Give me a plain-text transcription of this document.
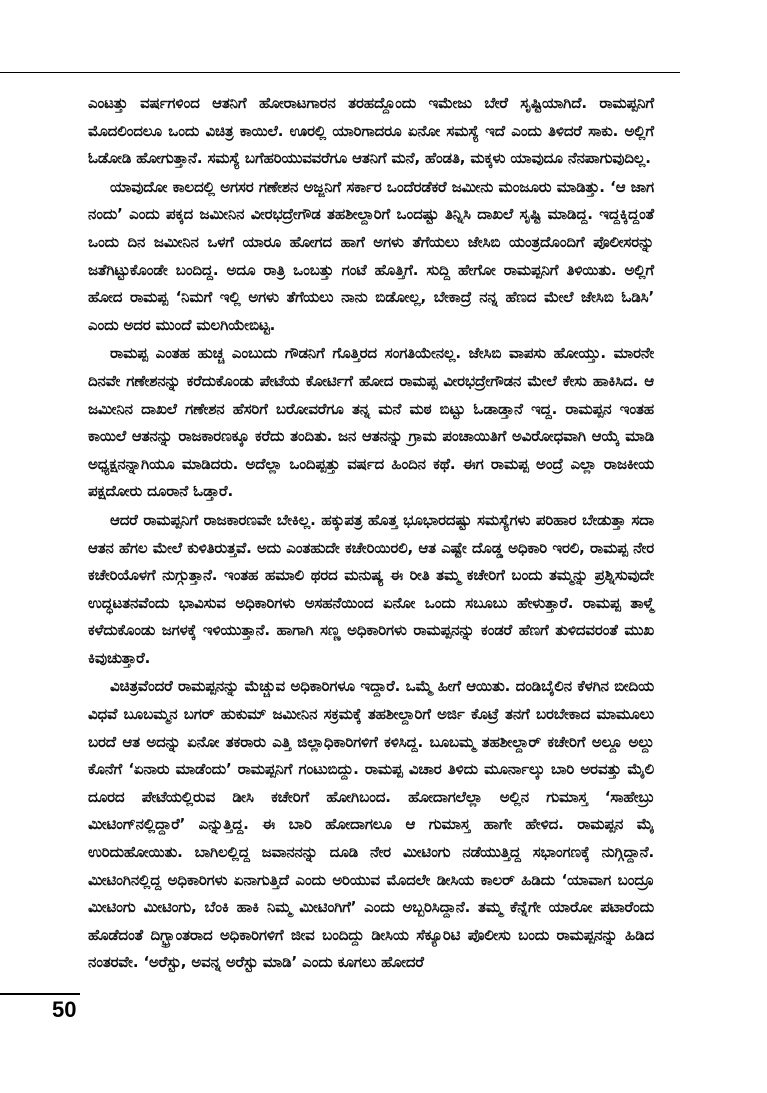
ಎಂಟತ್ತು ವರ್ಷಗಳಿಂದ ಆತನಿಗೆ ಹೋರಾಟಗಾರನ ತರಹದ್ದೊಂದು ಇಮೇಜು ಬೇರೆ ಸೃಷ್ಟಿಯಾಗಿದೆ. ರಾಮಪ್ಪನಿಗೆ ಮೊದಲಿಂದಲೂ ಒಂದು ವಿಚಿತ್ರ ಕಾಯಿಲೆ. ಊರಲ್ಲಿ ಯಾರಿಗಾದರೂ ಏನೋ ಸಮಸ್ಯೆ ಇದೆ ಎಂದು ತಿಳಿದರೆ ಸಾಕು. ಅಲ್ಲಿಗೆ ಓಡೋಡಿ ಹೋಗುತ್ತಾನೆ. ಸಮಸ್ಯೆ ಬಗೆಹರಿಯುವವರೆಗೂ ಆತನಿಗೆ ಮನೆ, ಹೆಂಡತಿ, ಮಕ್ಕಳು ಯಾವುದೂ ನೆನಪಾಗುವುದಿಲ್ಲ.

ಯಾವುದೋ ಕಾಲದಲ್ಲಿ ಅಗಸರ ಗಣೇಶನ ಅಜ್ಜನಿಗೆ ಸರ್ಕಾರ ಒಂದೆರಡೆಕರೆ ಜಮೀನು ಮಂಜೂರು ಮಾಡಿತ್ತು. ‘ಆ ಜಾಗ ನಂದು’ ಎಂದು ಪಕ್ಕದ ಜಮೀನಿನ ವೀರಭದ್ರೇಗೌಡ ತಹಶೀಲ್ದಾರಿಗೆ ಒಂದಷ್ಟು ತಿನ್ನಿಸಿ ದಾಖಲೆ ಸೃಷ್ಟಿ ಮಾಡಿದ್ದ. ಇದ್ದಕ್ಕಿದ್ದಂತೆ ಒಂದು ದಿನ ಜಮೀನಿನ ಒಳಗೆ ಯಾರೂ ಹೋಗದ ಹಾಗೆ ಅಗಳು ತೆಗೆಯಲು ಜೇಸಿಬಿ ಯಂತ್ರದೊಂದಿಗೆ ಪೊಲೀಸರನ್ನು ಜತೆಗಿಟ್ಟುಕೊಂಡೇ ಬಂದಿದ್ದ. ಅದೂ ರಾತ್ರಿ ಒಂಬತ್ತು ಗಂಟೆ ಹೊತ್ತಿಗೆ. ಸುದ್ದಿ ಹೇಗೋ ರಾಮಪ್ಪನಿಗೆ ತಿಳಿಯಿತು. ಅಲ್ಲಿಗೆ ಹೋದ ರಾಮಪ್ಪ ‘ನಿಮಗೆ ಇಲ್ಲಿ ಅಗಳು ತೆಗೆಯಲು ನಾನು ಬಿಡೋಲ್ಲ, ಬೇಕಾದ್ರೆ ನನ್ನ ಹೆಣದ ಮೇಲೆ ಜೇಸಿಬಿ ಓಡಿಸಿ’ ಎಂದು ಅದರ ಮುಂದೆ ಮಲಗಿಯೇಬಿಟ್ಟ.

ರಾಮಪ್ಪ ಎಂತಹ ಹುಚ್ಚ ಎಂಬುದು ಗೌಡನಿಗೆ ಗೊತ್ತಿರದ ಸಂಗತಿಯೇನಲ್ಲ. ಜೇಸಿಬಿ ವಾಪಸು ಹೋಯ್ತು. ಮಾರನೇ ದಿನವೇ ಗಣೇಶನನ್ನು ಕರೆದುಕೊಂಡು ಪೇಟೆಯ ಕೋರ್ಟಿಗೆ ಹೋದ ರಾಮಪ್ಪ ವೀರಭದ್ರೇಗೌಡನ ಮೇಲೆ ಕೇಸು ಹಾಕಿಸಿದ. ಆ ಜಮೀನಿನ ದಾಖಲೆ ಗಣೇಶನ ಹೆಸರಿಗೆ ಬರೋವರೆಗೂ ತನ್ನ ಮನೆ ಮಠ ಬಿಟ್ಟು ಓಡಾಡ್ತಾನೆ ಇದ್ದ. ರಾಮಪ್ಪನ ಇಂತಹ ಕಾಯಿಲೆ ಆತನನ್ನು ರಾಜಕಾರಣಕ್ಕೂ ಕರೆದು ತಂದಿತು. ಜನ ಆತನನ್ನು ಗ್ರಾಮ ಪಂಚಾಯಿತಿಗೆ ಅವಿರೋಧವಾಗಿ ಆಯ್ಕೆ ಮಾಡಿ ಅಧ್ಯಕ್ಷನನ್ನಾಗಿಯೂ ಮಾಡಿದರು. ಅದೆಲ್ಲಾ ಒಂದಿಪ್ಪತ್ತು ವರ್ಷದ ಹಿಂದಿನ ಕಥೆ. ಈಗ ರಾಮಪ್ಪ ಅಂದ್ರೆ ಎಲ್ಲಾ ರಾಜಕೀಯ ಪಕ್ಷದೋರು ದೂರಾನೆ ಓಡ್ತಾರೆ.

ಆದರೆ ರಾಮಪ್ಪನಿಗೆ ರಾಜಕಾರಣವೇ ಬೇಕಿಲ್ಲ. ಹಕ್ಕುಪತ್ರ ಹೊತ್ತ ಭೂಭಾರದಷ್ಟು ಸಮಸ್ಯೆಗಳು ಪರಿಹಾರ ಬೇಡುತ್ತಾ ಸದಾ ಆತನ ಹೆಗಲ ಮೇಲೆ ಕುಳಿತಿರುತ್ತವೆ. ಅದು ಎಂತಹುದೇ ಕಚೇರಿಯಿರಲಿ, ಆತ ಎಷ್ಟೇ ದೊಡ್ಡ ಅಧಿಕಾರಿ ಇರಲಿ, ರಾಮಪ್ಪ ನೇರ ಕಚೇರಿಯೊಳಗೆ ನುಗ್ಗುತ್ತಾನೆ. ಇಂತಹ ಹಮಾಲಿ ಥರದ ಮನುಷ್ಯ ಈ ರೀತಿ ತಮ್ಮ ಕಚೇರಿಗೆ ಬಂದು ತಮ್ಮನ್ನು ಪ್ರಶ್ನಿಸುವುದೇ ಉದ್ಧಟತನವೆಂದು ಭಾವಿಸುವ ಅಧಿಕಾರಿಗಳು ಅಸಹನೆಯಿಂದ ಏನೋ ಒಂದು ಸಬೂಬು ಹೇಳುತ್ತಾರೆ. ರಾಮಪ್ಪ ತಾಳ್ಮೆ ಕಳೆದುಕೊಂಡು ಜಗಳಕ್ಕೆ ಇಳಿಯುತ್ತಾನೆ. ಹಾಗಾಗಿ ಸಣ್ಣ ಅಧಿಕಾರಿಗಳು ರಾಮಪ್ಪನನ್ನು ಕಂಡರೆ ಹೆಣಗೆ ತುಳಿದವರಂತೆ ಮುಖ ಕಿವುಚುತ್ತಾರೆ.

ವಿಚಿತ್ರವೆಂದರೆ ರಾಮಪ್ಪನನ್ನು ಮೆಚ್ಚುವ ಅಧಿಕಾರಿಗಳೂ ಇದ್ದಾರೆ. ಒಮ್ಮೆ ಹೀಗೆ ಆಯಿತು. ದಂಡಿಬೈಲಿನ ಕೆಳಗಿನ ಬೀದಿಯ ವಿಧವೆ ಬೂಬಮ್ಮನ ಬಗರ್ ಹುಕುಮ್ ಜಮೀನಿನ ಸಕ್ರಮಕ್ಕೆ ತಹಶೀಲ್ದಾರಿಗೆ ಅರ್ಜಿ ಕೊಟ್ರೆ ತನಗೆ ಬರಬೇಕಾದ ಮಾಮೂಲು ಬರದೆ ಆತ ಅದನ್ನು ಏನೋ ತಕರಾರು ಎತ್ತಿ ಜಿಲ್ಲಾಧಿಕಾರಿಗಳಿಗೆ ಕಳಿಸಿದ್ದ. ಬೂಬಮ್ಮ ತಹಶೀಲ್ದಾರ್ ಕಚೇರಿಗೆ ಅಲ್ದೂ ಅಲ್ದು ಕೊನೆಗೆ ‘ಏನಾರು ಮಾಡೆಂದು’ ರಾಮಪ್ಪನಿಗೆ ಗಂಟುಬಿದ್ದು. ರಾಮಪ್ಪ ವಿಚಾರ ತಿಳಿದು ಮೂರ್ನಾಲ್ಕು ಬಾರಿ ಅರವತ್ತು ಮೈಲಿ ದೂರದ ಪೇಟೆಯಲ್ಲಿರುವ ಡೀಸಿ ಕಚೇರಿಗೆ ಹೋಗಿಬಂದ. ಹೋದಾಗಲೆಲ್ಲಾ ಅಲ್ಲಿನ ಗುಮಾಸ್ತ ‘ಸಾಹೇಬ್ರು ಮೀಟಿಂಗ್‌ನಲ್ಲಿದ್ದಾರೆ’ ಎನ್ನುತ್ತಿದ್ದ. ಈ ಬಾರಿ ಹೋದಾಗಲೂ ಆ ಗುಮಾಸ್ತ ಹಾಗೇ ಹೇಳಿದ. ರಾಮಪ್ಪನ ಮೈ ಉರಿದುಹೋಯಿತು. ಬಾಗಿಲಲ್ಲಿದ್ದ ಜವಾನನನ್ನು ದೂಡಿ ನೇರ ಮೀಟಿಂಗು ನಡೆಯುತ್ತಿದ್ದ ಸಭಾಂಗಣಕ್ಕೆ ನುಗ್ಗಿದ್ದಾನೆ. ಮೀಟಿಂಗಿನಲ್ಲಿದ್ದ ಅಧಿಕಾರಿಗಳು ಏನಾಗುತ್ತಿದೆ ಎಂದು ಅರಿಯುವ ಮೊದಲೇ ಡೀಸಿಯ ಕಾಲರ್ ಹಿಡಿದು ‘ಯಾವಾಗ ಬಂದ್ರೂ ಮೀಟಿಂಗು ಮೀಟಿಂಗು, ಬೆಂಕಿ ಹಾಕಿ ನಿಮ್ಮ ಮೀಟಿಂಗಿಗೆ’ ಎಂದು ಅಬ್ಬರಿಸಿದ್ದಾನೆ. ತಮ್ಮ ಕೆನ್ನೆಗೇ ಯಾರೋ ಪಟಾರೆಂದು ಹೊಡೆದಂತೆ ದಿಗ್ಭ್ರಾಂತರಾದ ಅಧಿಕಾರಿಗಳಿಗೆ ಜೀವ ಬಂದಿದ್ದು ಡೀಸಿಯ ಸೆಕ್ಯೂರಿಟಿ ಪೊಲೀಸು ಬಂದು ರಾಮಪ್ಪನನ್ನು ಹಿಡಿದ ನಂತರವೇ. ‘ಅರೆಸ್ಟು, ಅವನ್ನ ಅರೆಸ್ಟು ಮಾಡಿ’ ಎಂದು ಕೂಗಲು ಹೋದರೆ

50
